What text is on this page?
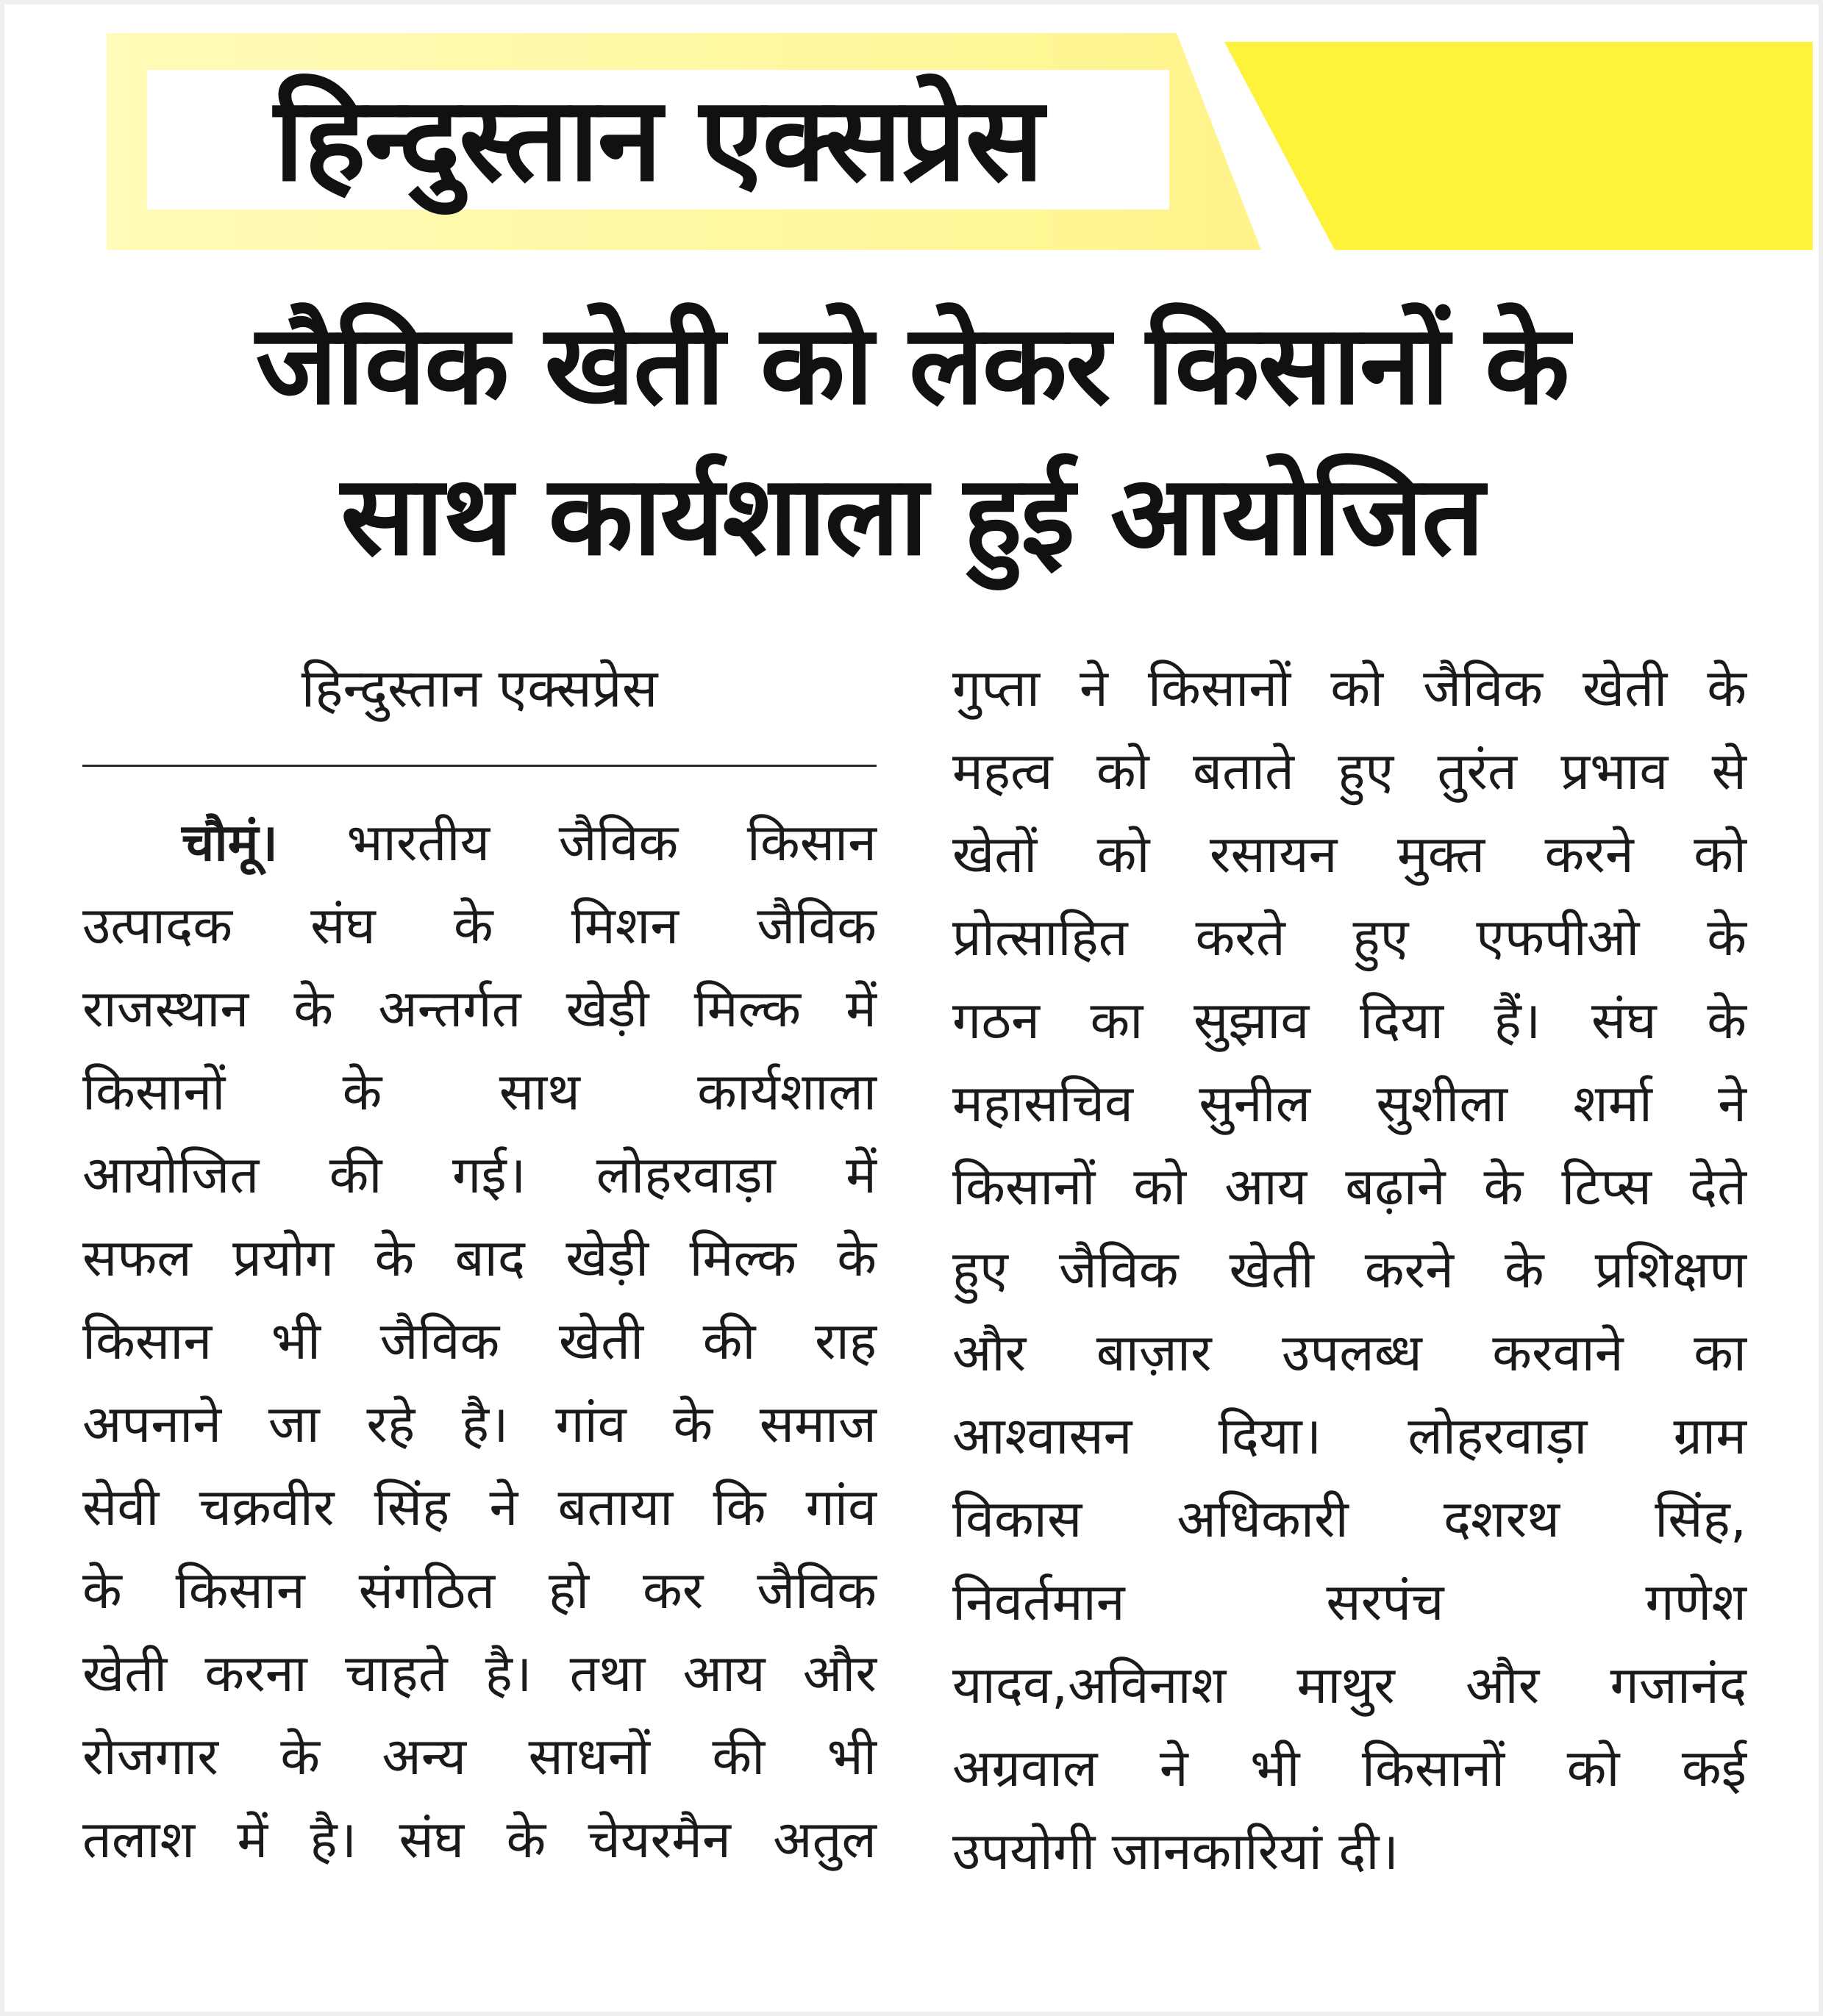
हिन्दुस्तान एक्सप्रेस
जैविक खेती को लेकर किसानों के
साथ कार्यशाला हुई आयोजित
हिन्दुस्तान एक्सप्रेस
चौमूं। भारतीय जैविक किसान
उत्पादक संघ के मिशन जैविक
राजस्थान के अन्तर्गत खेड़ी मिल्क में
किसानों के साथ कार्यशाला
आयोजित की गई। लोहरवाड़ा में
सफल प्रयोग के बाद खेड़ी मिल्क के
किसान भी जैविक खेती की राह
अपनाने जा रहे है। गांव के समाज
सेवी चक्रवीर सिंह ने बताया कि गांव
के किसान संगठित हो कर जैविक
खेती करना चाहते है। तथा आय और
रोजगार के अन्य साधनों की भी
तलाश में है। संघ के चेयरमैन अतुल
गुप्ता ने किसानों को जैविक खेती के
महत्व को बताते हुए तुरंत प्रभाव से
खेतों को रसायन मुक्त करने को
प्रोत्साहित करते हुए एफपीओ के
गठन का सुझाव दिया हैं। संघ के
महासचिव सुनील सुशीला शर्मा ने
किसानों को आय बढ़ाने के टिप्स देते
हुए जैविक खेती करने के प्रशिक्षण
और बाज़ार उपलब्ध करवाने का
आश्वासन दिया। लोहरवाड़ा ग्राम
विकास अधिकारी दशरथ सिंह,
निवर्तमान सरपंच गणेश
यादव,अविनाश माथुर और गजानंद
अग्रवाल ने भी किसानों को कई
उपयोगी जानकारियां दी।
